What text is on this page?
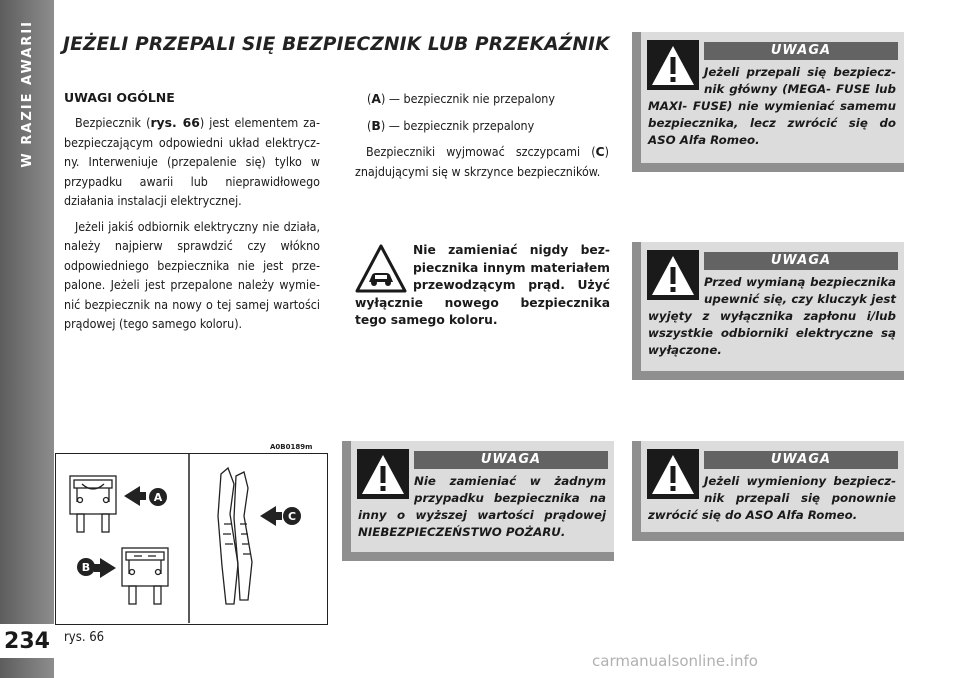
W RAZIE AWARII
234
JEŻELI PRZEPALI SIĘ BEZPIECZNIK LUB PRZEKAŹNIK
UWAGI OGÓLNE

Bezpiecznik (rys. 66) jest elementem zabezpieczającym odpowiedni układ elektryczny. Interweniuje (przepalenie się) tylko w przypadku awarii lub nieprawidłowego działania instalacji elektrycznej.

Jeżeli jakiś odbiornik elektryczny nie działa, należy najpierw sprawdzić czy włókno odpowiedniego bezpiecznika nie jest przepalone. Jeżeli jest przepalone należy wymienić bezpiecznik na nowy o tej samej wartości prądowej (tego samego koloru).

(A) — bezpiecznik nie przepalony

(B) — bezpiecznik przepalony

Bezpieczniki wyjmować szczypcami (C) znajdującymi się w skrzynce bezpieczników.

Nie zamieniać nigdy bezpiecznika innym materiałem przewodzącym prąd. Użyć wyłącznie nowego bezpiecznika tego samego koloru.

UWAGA
Jeżeli przepali się bezpiecznik główny (MEGA- FUSE lub MAXI- FUSE) nie wymieniać samemu bezpiecznika, lecz zwrócić się do ASO Alfa Romeo.
UWAGA
Przed wymianą bezpiecznika upewnić się, czy kluczyk jest wyjęty z wyłącznika zapłonu i/lub wszystkie odbiorniki elektryczne są wyłączone.
UWAGA
Nie zamieniać w żadnym przypadku bezpiecznika na inny o wyższej wartości prądowej NIEBEZPIECZEŃSTWO POŻARU.
UWAGA
Jeżeli wymieniony bezpiecznik przepali się ponownie zwrócić się do ASO Alfa Romeo.
A0B0189m
A
B
C
rys. 66
carmanualsonline.info
